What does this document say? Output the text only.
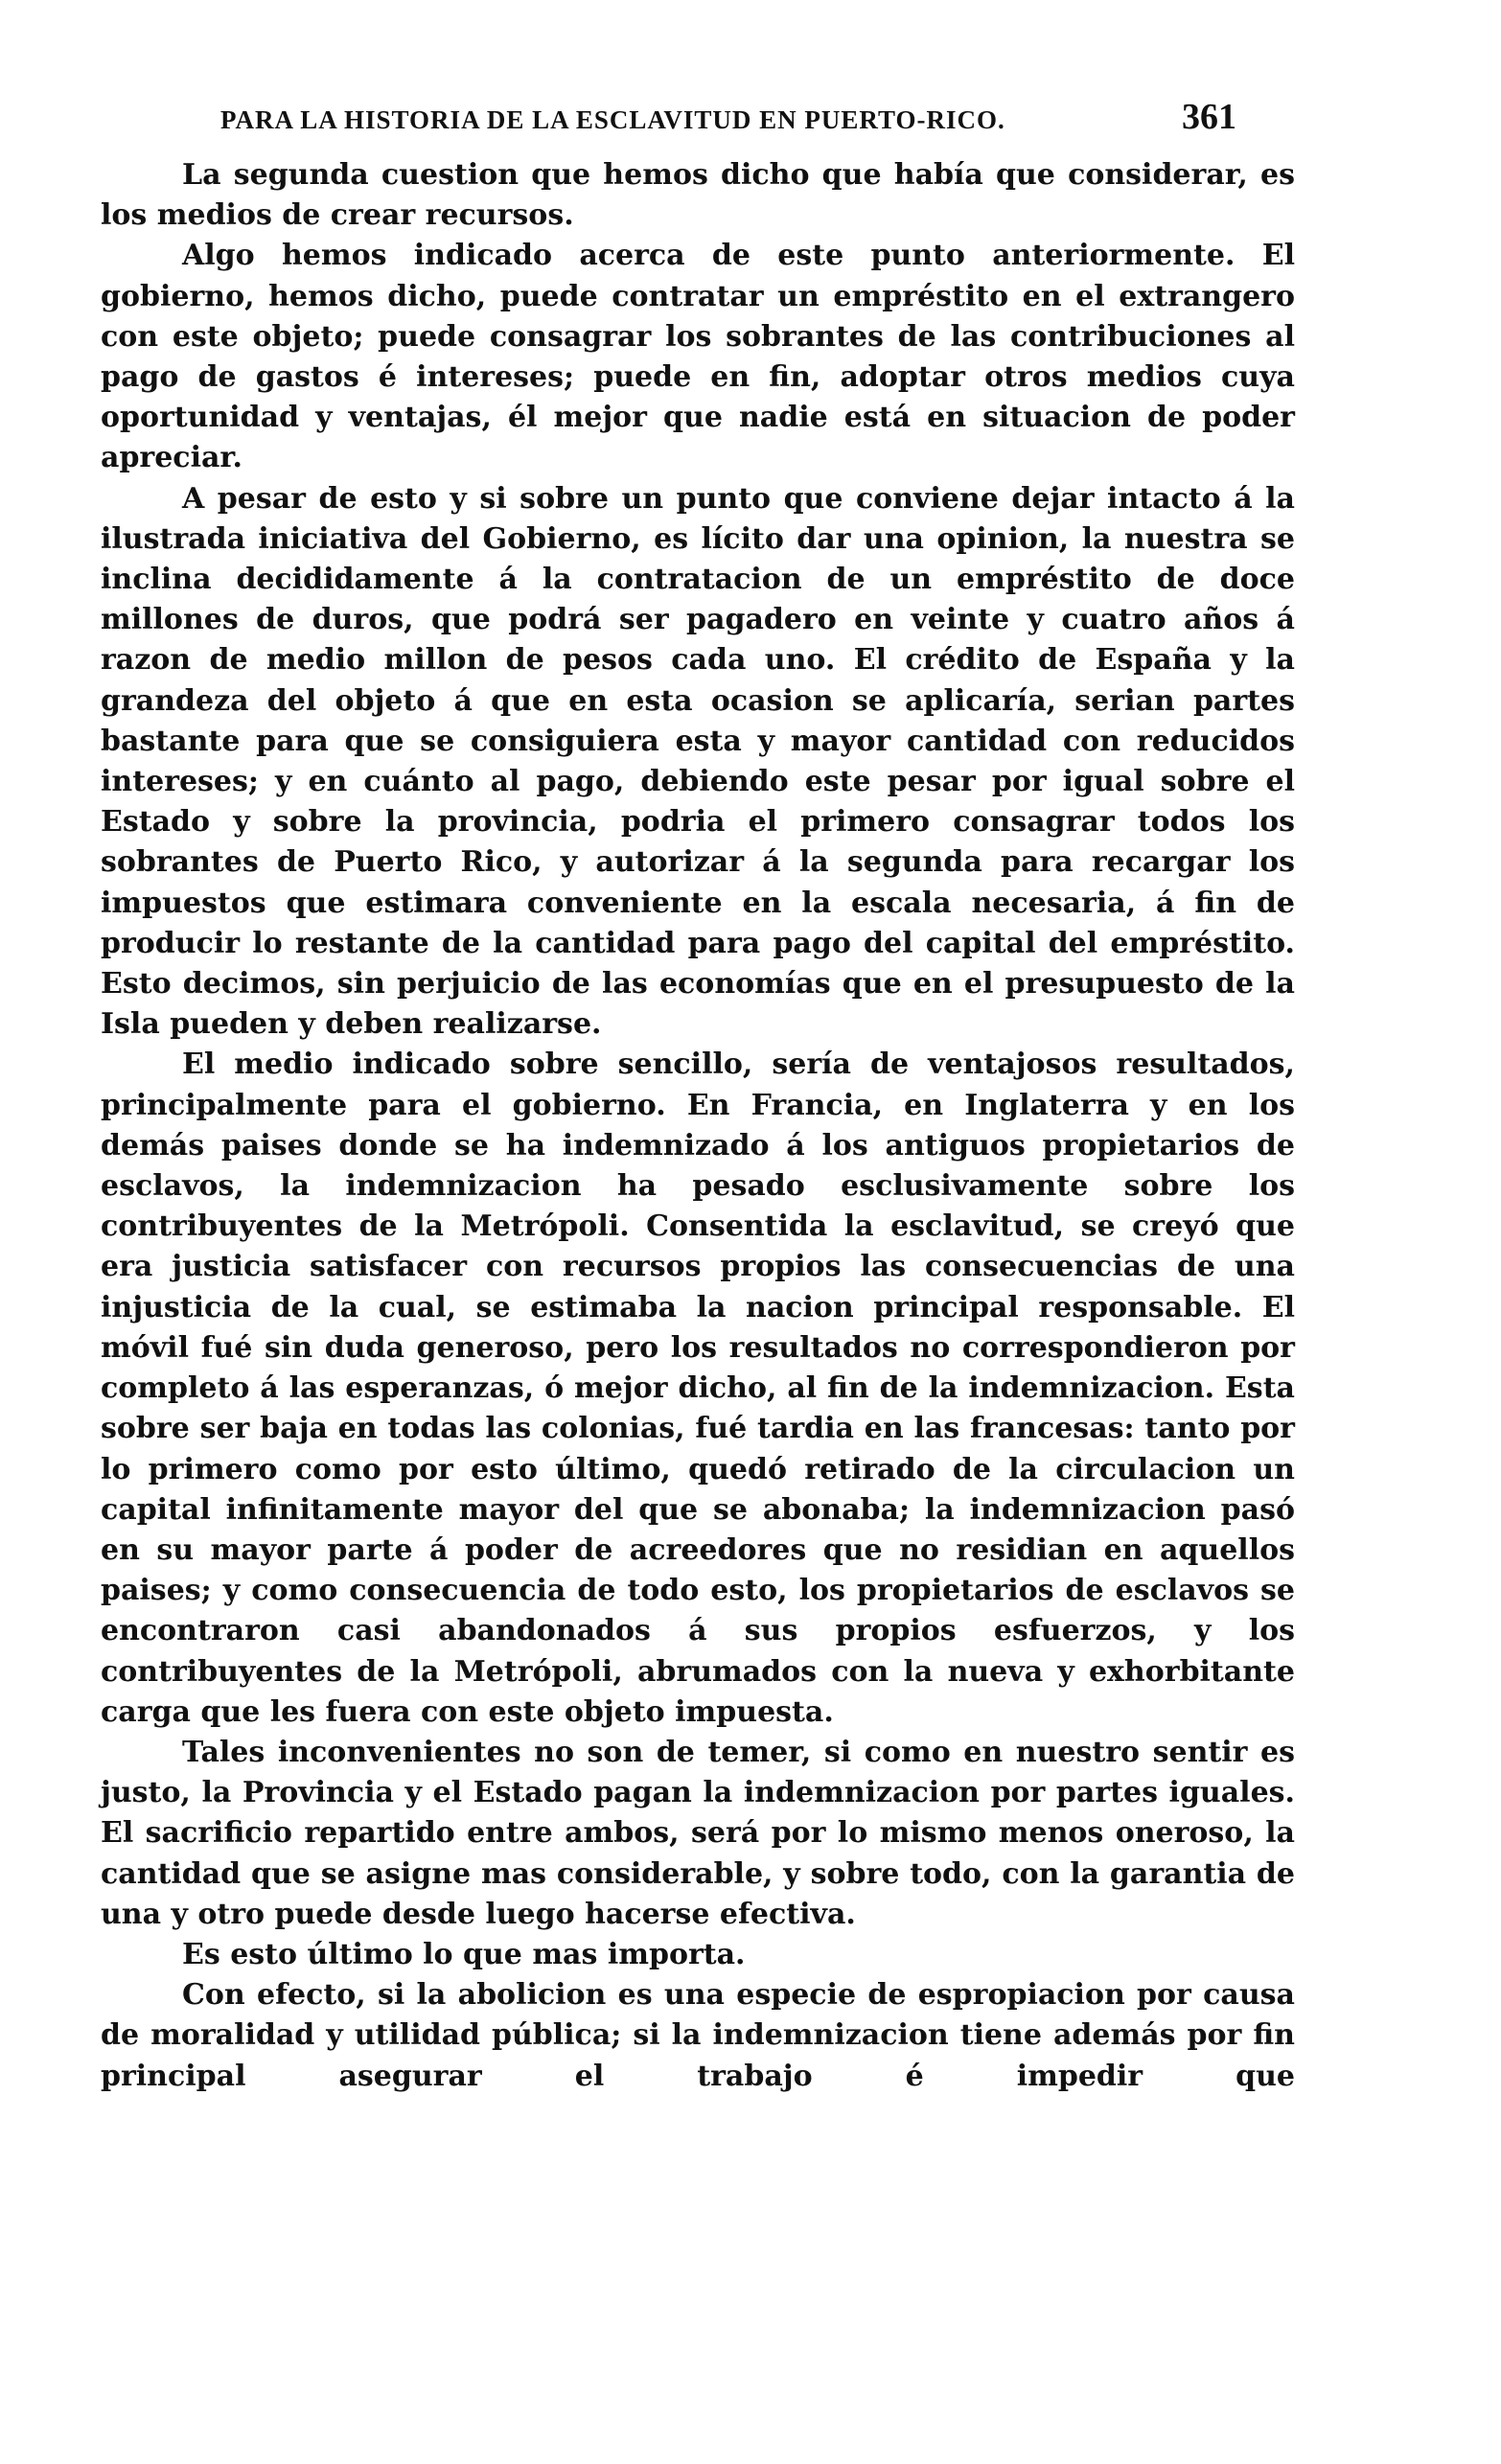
PARA LA HISTORIA DE LA ESCLAVITUD EN PUERTO-RICO.	361

La segunda cuestion que hemos dicho que había que considerar, es los medios de crear recursos.

Algo hemos indicado acerca de este punto anteriormente. El gobierno, hemos dicho, puede contratar un empréstito en el extrangero con este objeto; puede consagrar los sobrantes de las contribuciones al pago de gastos é intereses; puede en fin, adoptar otros medios cuya oportunidad y ventajas, él mejor que nadie está en situacion de poder apreciar.

A pesar de esto y si sobre un punto que conviene dejar intacto á la ilustrada iniciativa del Gobierno, es lícito dar una opinion, la nuestra se inclina decididamente á la contratacion de un empréstito de doce millones de duros, que podrá ser pagadero en veinte y cuatro años á razon de medio millon de pesos cada uno. El crédito de España y la grandeza del objeto á que en esta ocasion se aplicaría, serian partes bastante para que se consiguiera esta y mayor cantidad con reducidos intereses; y en cuánto al pago, debiendo este pesar por igual sobre el Estado y sobre la provincia, podria el primero consagrar todos los sobrantes de Puerto Rico, y autorizar á la segunda para recargar los impuestos que estimara conveniente en la escala necesaria, á fin de producir lo restante de la cantidad para pago del capital del empréstito. Esto decimos, sin perjuicio de las economías que en el presupuesto de la Isla pueden y deben realizarse.

El medio indicado sobre sencillo, sería de ventajosos resultados, principalmente para el gobierno. En Francia, en Inglaterra y en los demás paises donde se ha indemnizado á los antiguos propietarios de esclavos, la indemnizacion ha pesado esclusivamente sobre los contribuyentes de la Metrópoli. Consentida la esclavitud, se creyó que era justicia satisfacer con recursos propios las consecuencias de una injusticia de la cual, se estimaba la nacion principal responsable. El móvil fué sin duda generoso, pero los resultados no correspondieron por completo á las esperanzas, ó mejor dicho, al fin de la indemnizacion. Esta sobre ser baja en todas las colonias, fué tardia en las francesas: tanto por lo primero como por esto último, quedó retirado de la circulacion un capital infinitamente mayor del que se abonaba; la indemnizacion pasó en su mayor parte á poder de acreedores que no residian en aquellos paises; y como consecuencia de todo esto, los propietarios de esclavos se encontraron casi abandonados á sus propios esfuerzos, y los contribuyentes de la Metrópoli, abrumados con la nueva y exhorbitante carga que les fuera con este objeto impuesta.

Tales inconvenientes no son de temer, si como en nuestro sentir es justo, la Provincia y el Estado pagan la indemnizacion por partes iguales. El sacrificio repartido entre ambos, será por lo mismo menos oneroso, la cantidad que se asigne mas considerable, y sobre todo, con la garantia de una y otro puede desde luego hacerse efectiva.

Es esto último lo que mas importa.

Con efecto, si la abolicion es una especie de espropiacion por causa de moralidad y utilidad pública; si la indemnizacion tiene además por fin principal asegurar el trabajo é impedir que
